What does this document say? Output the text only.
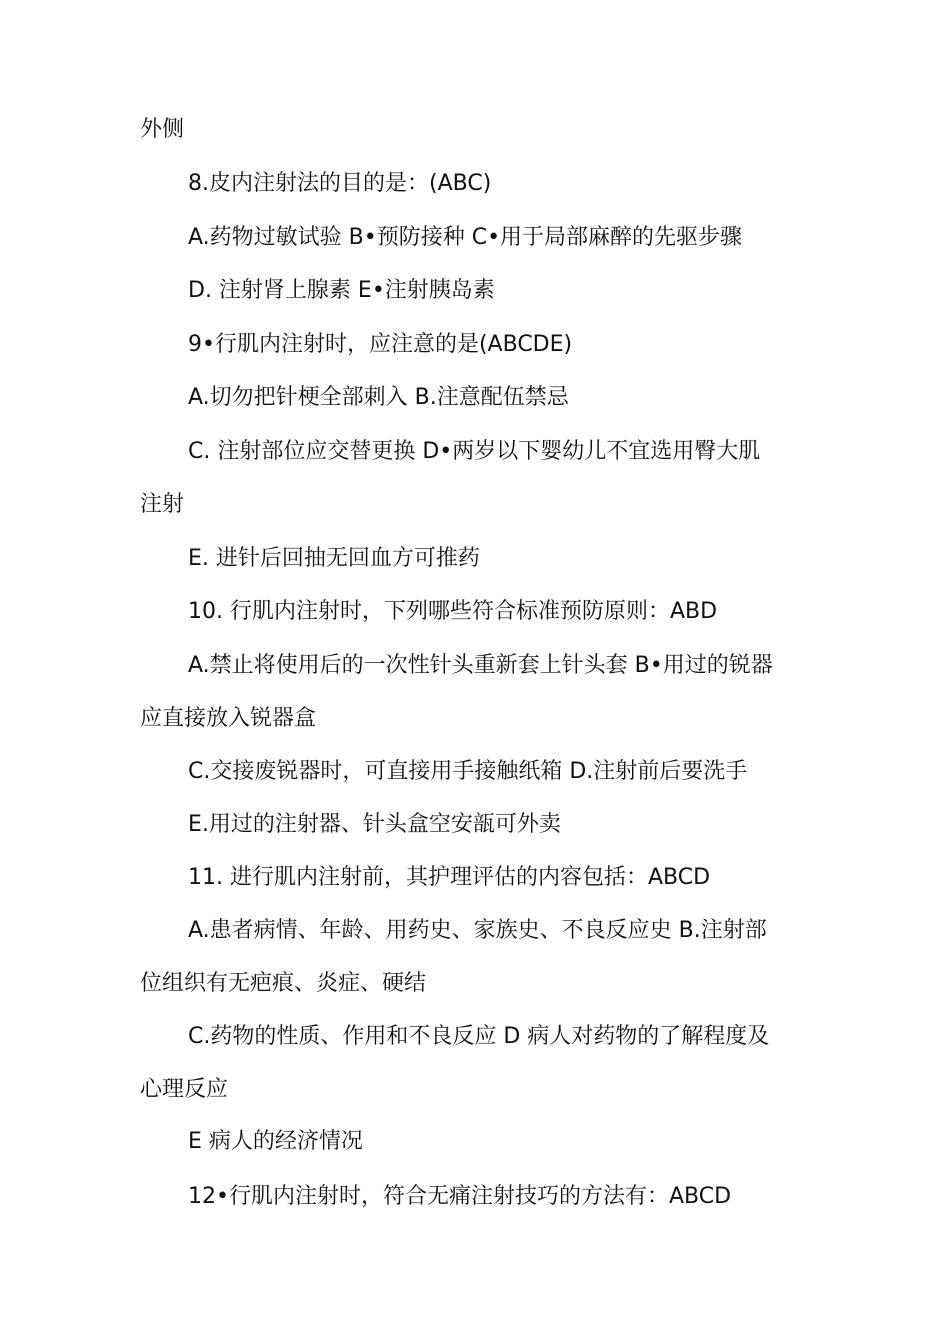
外侧
8.皮内注射法的目的是：(ABC)
A.药物过敏试验 B•预防接种 C•用于局部麻醉的先驱步骤
D. 注射肾上腺素 E•注射胰岛素
9•行肌内注射时，应注意的是(ABCDE)
A.切勿把针梗全部刺入 B.注意配伍禁忌
C. 注射部位应交替更换 D•两岁以下婴幼儿不宜选用臀大肌
注射
E. 进针后回抽无回血方可推药
10. 行肌内注射时，下列哪些符合标准预防原则：ABD
A.禁止将使用后的一次性针头重新套上针头套 B•用过的锐器
应直接放入锐器盒
C.交接废锐器时，可直接用手接触纸箱 D.注射前后要洗手
E.用过的注射器、针头盒空安瓿可外卖
11. 进行肌内注射前，其护理评估的内容包括：ABCD
A.患者病情、年龄、用药史、家族史、不良反应史 B.注射部
位组织有无疤痕、炎症、硬结
C.药物的性质、作用和不良反应 D 病人对药物的了解程度及
心理反应
E 病人的经济情况
12•行肌内注射时，符合无痛注射技巧的方法有：ABCD
